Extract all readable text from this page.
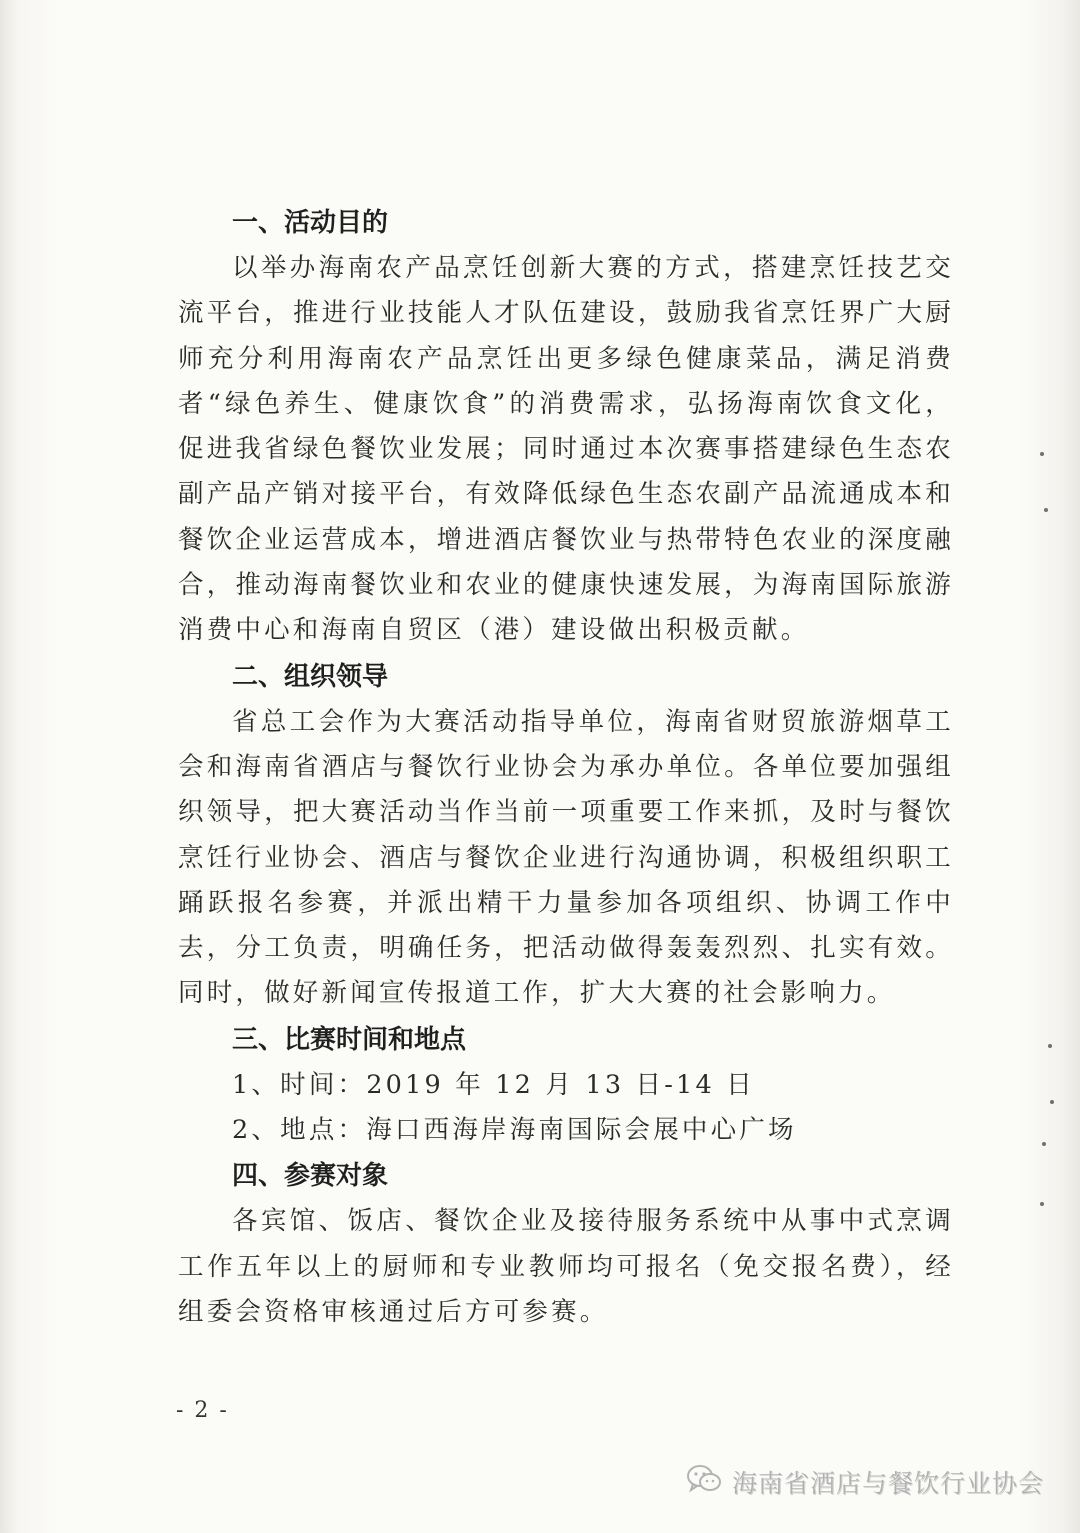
一、活动目的

以举办海南农产品烹饪创新大赛的方式，搭建烹饪技艺交流平台，推进行业技能人才队伍建设，鼓励我省烹饪界广大厨师充分利用海南农产品烹饪出更多绿色健康菜品，满足消费者“绿色养生、健康饮食”的消费需求，弘扬海南饮食文化，促进我省绿色餐饮业发展；同时通过本次赛事搭建绿色生态农副产品产销对接平台，有效降低绿色生态农副产品流通成本和餐饮企业运营成本，增进酒店餐饮业与热带特色农业的深度融合，推动海南餐饮业和农业的健康快速发展，为海南国际旅游消费中心和海南自贸区（港）建设做出积极贡献。

二、组织领导

省总工会作为大赛活动指导单位，海南省财贸旅游烟草工会和海南省酒店与餐饮行业协会为承办单位。各单位要加强组织领导，把大赛活动当作当前一项重要工作来抓，及时与餐饮烹饪行业协会、酒店与餐饮企业进行沟通协调，积极组织职工踊跃报名参赛，并派出精干力量参加各项组织、协调工作中去，分工负责，明确任务，把活动做得轰轰烈烈、扎实有效。同时，做好新闻宣传报道工作，扩大大赛的社会影响力。

三、比赛时间和地点

1、时间：2019 年 12 月 13 日-14 日

2、地点：海口西海岸海南国际会展中心广场

四、参赛对象

各宾馆、饭店、餐饮企业及接待服务系统中从事中式烹调工作五年以上的厨师和专业教师均可报名（免交报名费），经组委会资格审核通过后方可参赛。

- 2 -
海南省酒店与餐饮行业协会
